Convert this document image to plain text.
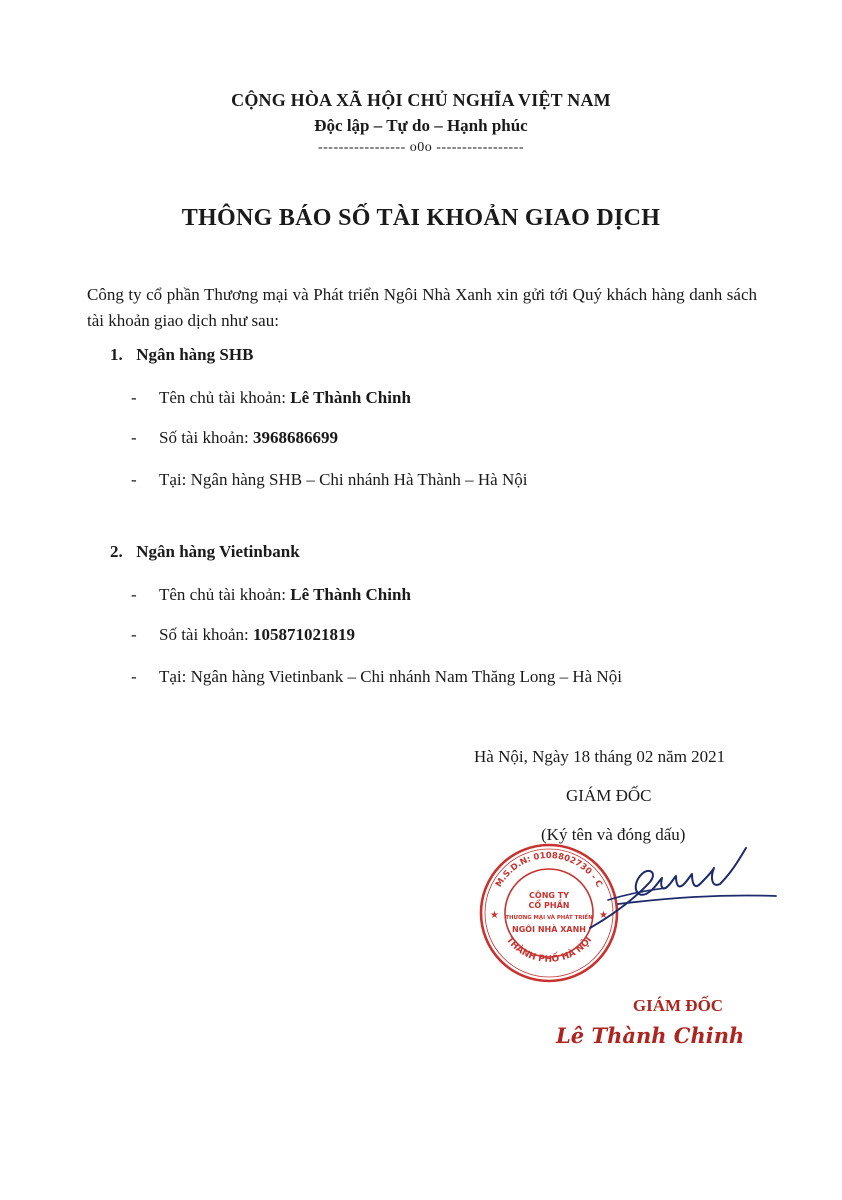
CỘNG HÒA XÃ HỘI CHỦ NGHĨA VIỆT NAM
Độc lập – Tự do – Hạnh phúc
----------------- o0o -----------------
THÔNG BÁO SỐ TÀI KHOẢN GIAO DỊCH
Công ty cổ phần Thương mại và Phát triển Ngôi Nhà Xanh xin gửi tới Quý khách hàng danh sách tài khoản giao dịch như sau:
1. Ngân hàng SHB
- Tên chủ tài khoản: Lê Thành Chinh
- Số tài khoản: 3968686699
- Tại: Ngân hàng SHB – Chi nhánh Hà Thành – Hà Nội
2. Ngân hàng Vietinbank
- Tên chủ tài khoản: Lê Thành Chinh
- Số tài khoản: 105871021819
- Tại: Ngân hàng Vietinbank – Chi nhánh Nam Thăng Long – Hà Nội
Hà Nội, Ngày 18 tháng 02 năm 2021
GIÁM ĐỐC
(Ký tên và đóng dấu)
M.S.D.N: 0108802730 - C
THÀNH PHỐ HÀ NỘI
★	★
CÔNG TY
CỔ PHẦN
THƯƠNG MẠI VÀ PHÁT TRIỂN
NGÔI NHÀ XANH
GIÁM ĐỐC
Lê Thành Chinh
